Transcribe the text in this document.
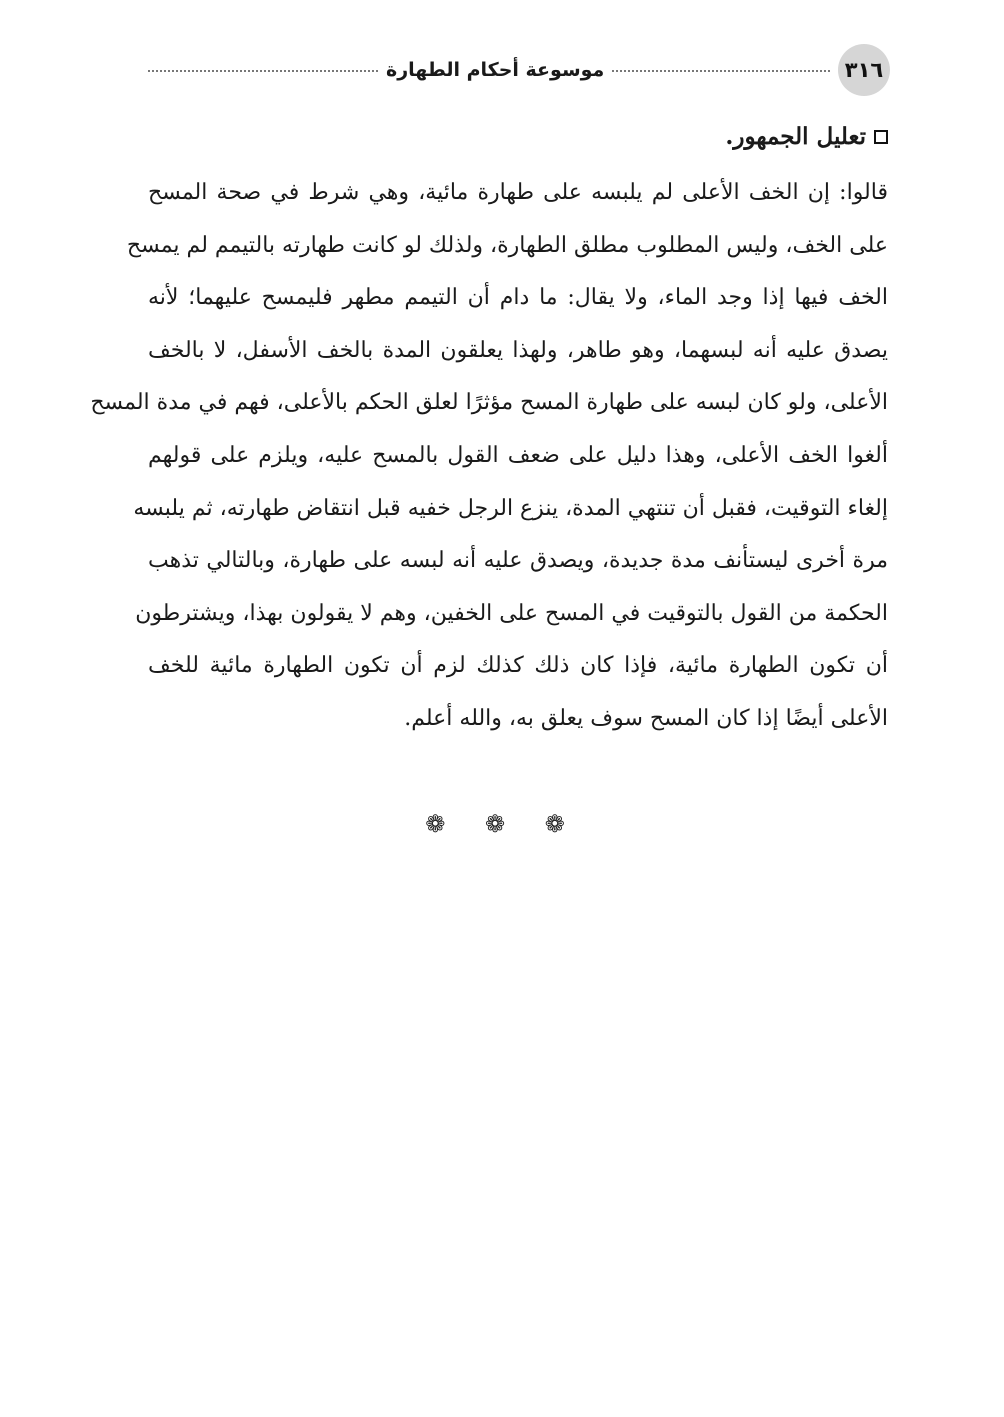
موسوعة أحكام الطهارة	٣١٦
تعليل الجمهور.
قالوا: إن الخف الأعلى لم يلبسه على طهارة مائية، وهي شرط في صحة المسح
على الخف، وليس المطلوب مطلق الطهارة، ولذلك لو كانت طهارته بالتيمم لم يمسح
الخف فيها إذا وجد الماء، ولا يقال: ما دام أن التيمم مطهر فليمسح عليهما؛ لأنه
يصدق عليه أنه لبسهما، وهو طاهر، ولهذا يعلقون المدة بالخف الأسفل، لا بالخف
الأعلى، ولو كان لبسه على طهارة المسح مؤثرًا لعلق الحكم بالأعلى، فهم في مدة المسح
ألغوا الخف الأعلى، وهذا دليل على ضعف القول بالمسح عليه، ويلزم على قولهم
إلغاء التوقيت، فقبل أن تنتهي المدة، ينزع الرجل خفيه قبل انتقاض طهارته، ثم يلبسه
مرة أخرى ليستأنف مدة جديدة، ويصدق عليه أنه لبسه على طهارة، وبالتالي تذهب
الحكمة من القول بالتوقيت في المسح على الخفين، وهم لا يقولون بهذا، ويشترطون
أن تكون الطهارة مائية، فإذا كان ذلك كذلك لزم أن تكون الطهارة مائية للخف
الأعلى أيضًا إذا كان المسح سوف يعلق به، والله أعلم.
❁ ❁ ❁
